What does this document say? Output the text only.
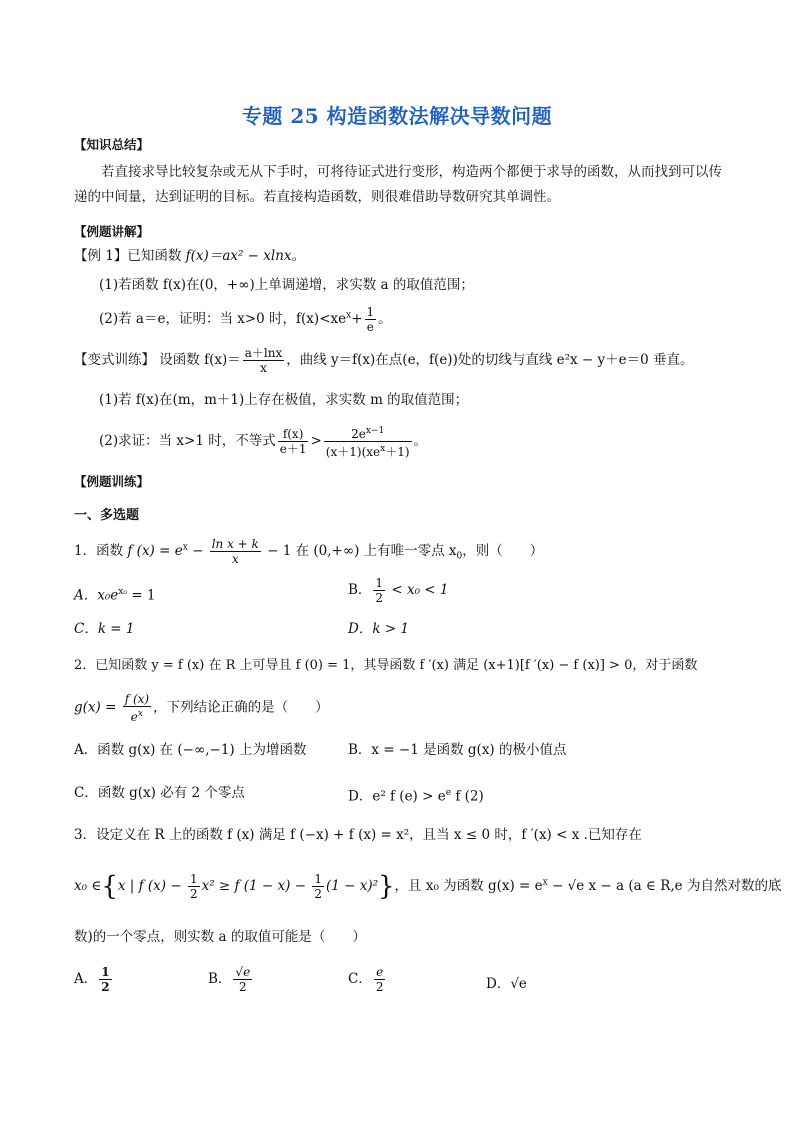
专题 25 构造函数法解决导数问题
【知识总结】
若直接求导比较复杂或无从下手时，可将待证式进行变形，构造两个都便于求导的函数，从而找到可以传递的中间量，达到证明的目标。若直接构造函数，则很难借助导数研究其单调性。
【例题讲解】
【例 1】已知函数 f(x)＝ax² − xlnx。
(1)若函数 f(x)在(0，+∞)上单调递增，求实数 a 的取值范围；
(2)若 a＝e，证明：当 x>0 时，$f(x)<xe^x+ \frac{1}{e}$ 。
【变式训练】 设函数 $f(x)= \frac{a+\ln x}{x}$ ，曲线 y＝f(x)在点(e，f(e))处的切线与直线 e²x − y＋e＝0 垂直。
(1)若 f(x)在(m，m＋1)上存在极值，求实数 m 的取值范围；
(2)求证：当 x>1 时，不等式 $\frac{f(x)}{e+1} > \frac{2e^{x-1}}{(x+1)(xe^x+1)}$ 。
【例题训练】
一、多选题
1．函数 f $(x) = e^x - \frac{\text{ln x + k}}{x} - 1$ 在 (0,+∞) 上有唯一零点 $x_0$，则（　　）
A．$x_0e^{x_0} = 1$	B． $\frac{1}{2} < x_0 < 1$
C．k = 1	D．k > 1
2．已知函数 y = f (x) 在 R 上可导且 f (0) = 1，其导函数 f ′(x) 满足 (x+1)[f ′(x) − f (x)] > 0，对于函数
$g(x) = \frac{f (x)}{e^x}$ ，下列结论正确的是（　　）
A．函数 g(x) 在 (−∞,−1) 上为增函数	B．x = −1 是函数 g(x) 的极小值点
C．函数 g(x) 必有 2 个零点	D．e² f $(e) > e^e$ f (2)
3．设定义在 R 上的函数 f (x) 满足 f (−x) + f (x) = x²，且当 x ≤ 0 时，f ′(x) < x .已知存在
x₀ ∈{x | f $(x) - \frac{1}{2} x^2 \ge f$ $(1 - x) - \frac{1}{2} (1 - x)^2$}，且 x₀ 为函数 $g(x) = e^x - √e$ x − a (a ∈ R,e 为自然对数的底
数)的一个零点，则实数 a 的取值可能是（　　）
A． $\frac{1}{2}$	B． $\frac{√e}{2}$	C． $\frac{e}{2}$	D．√e
